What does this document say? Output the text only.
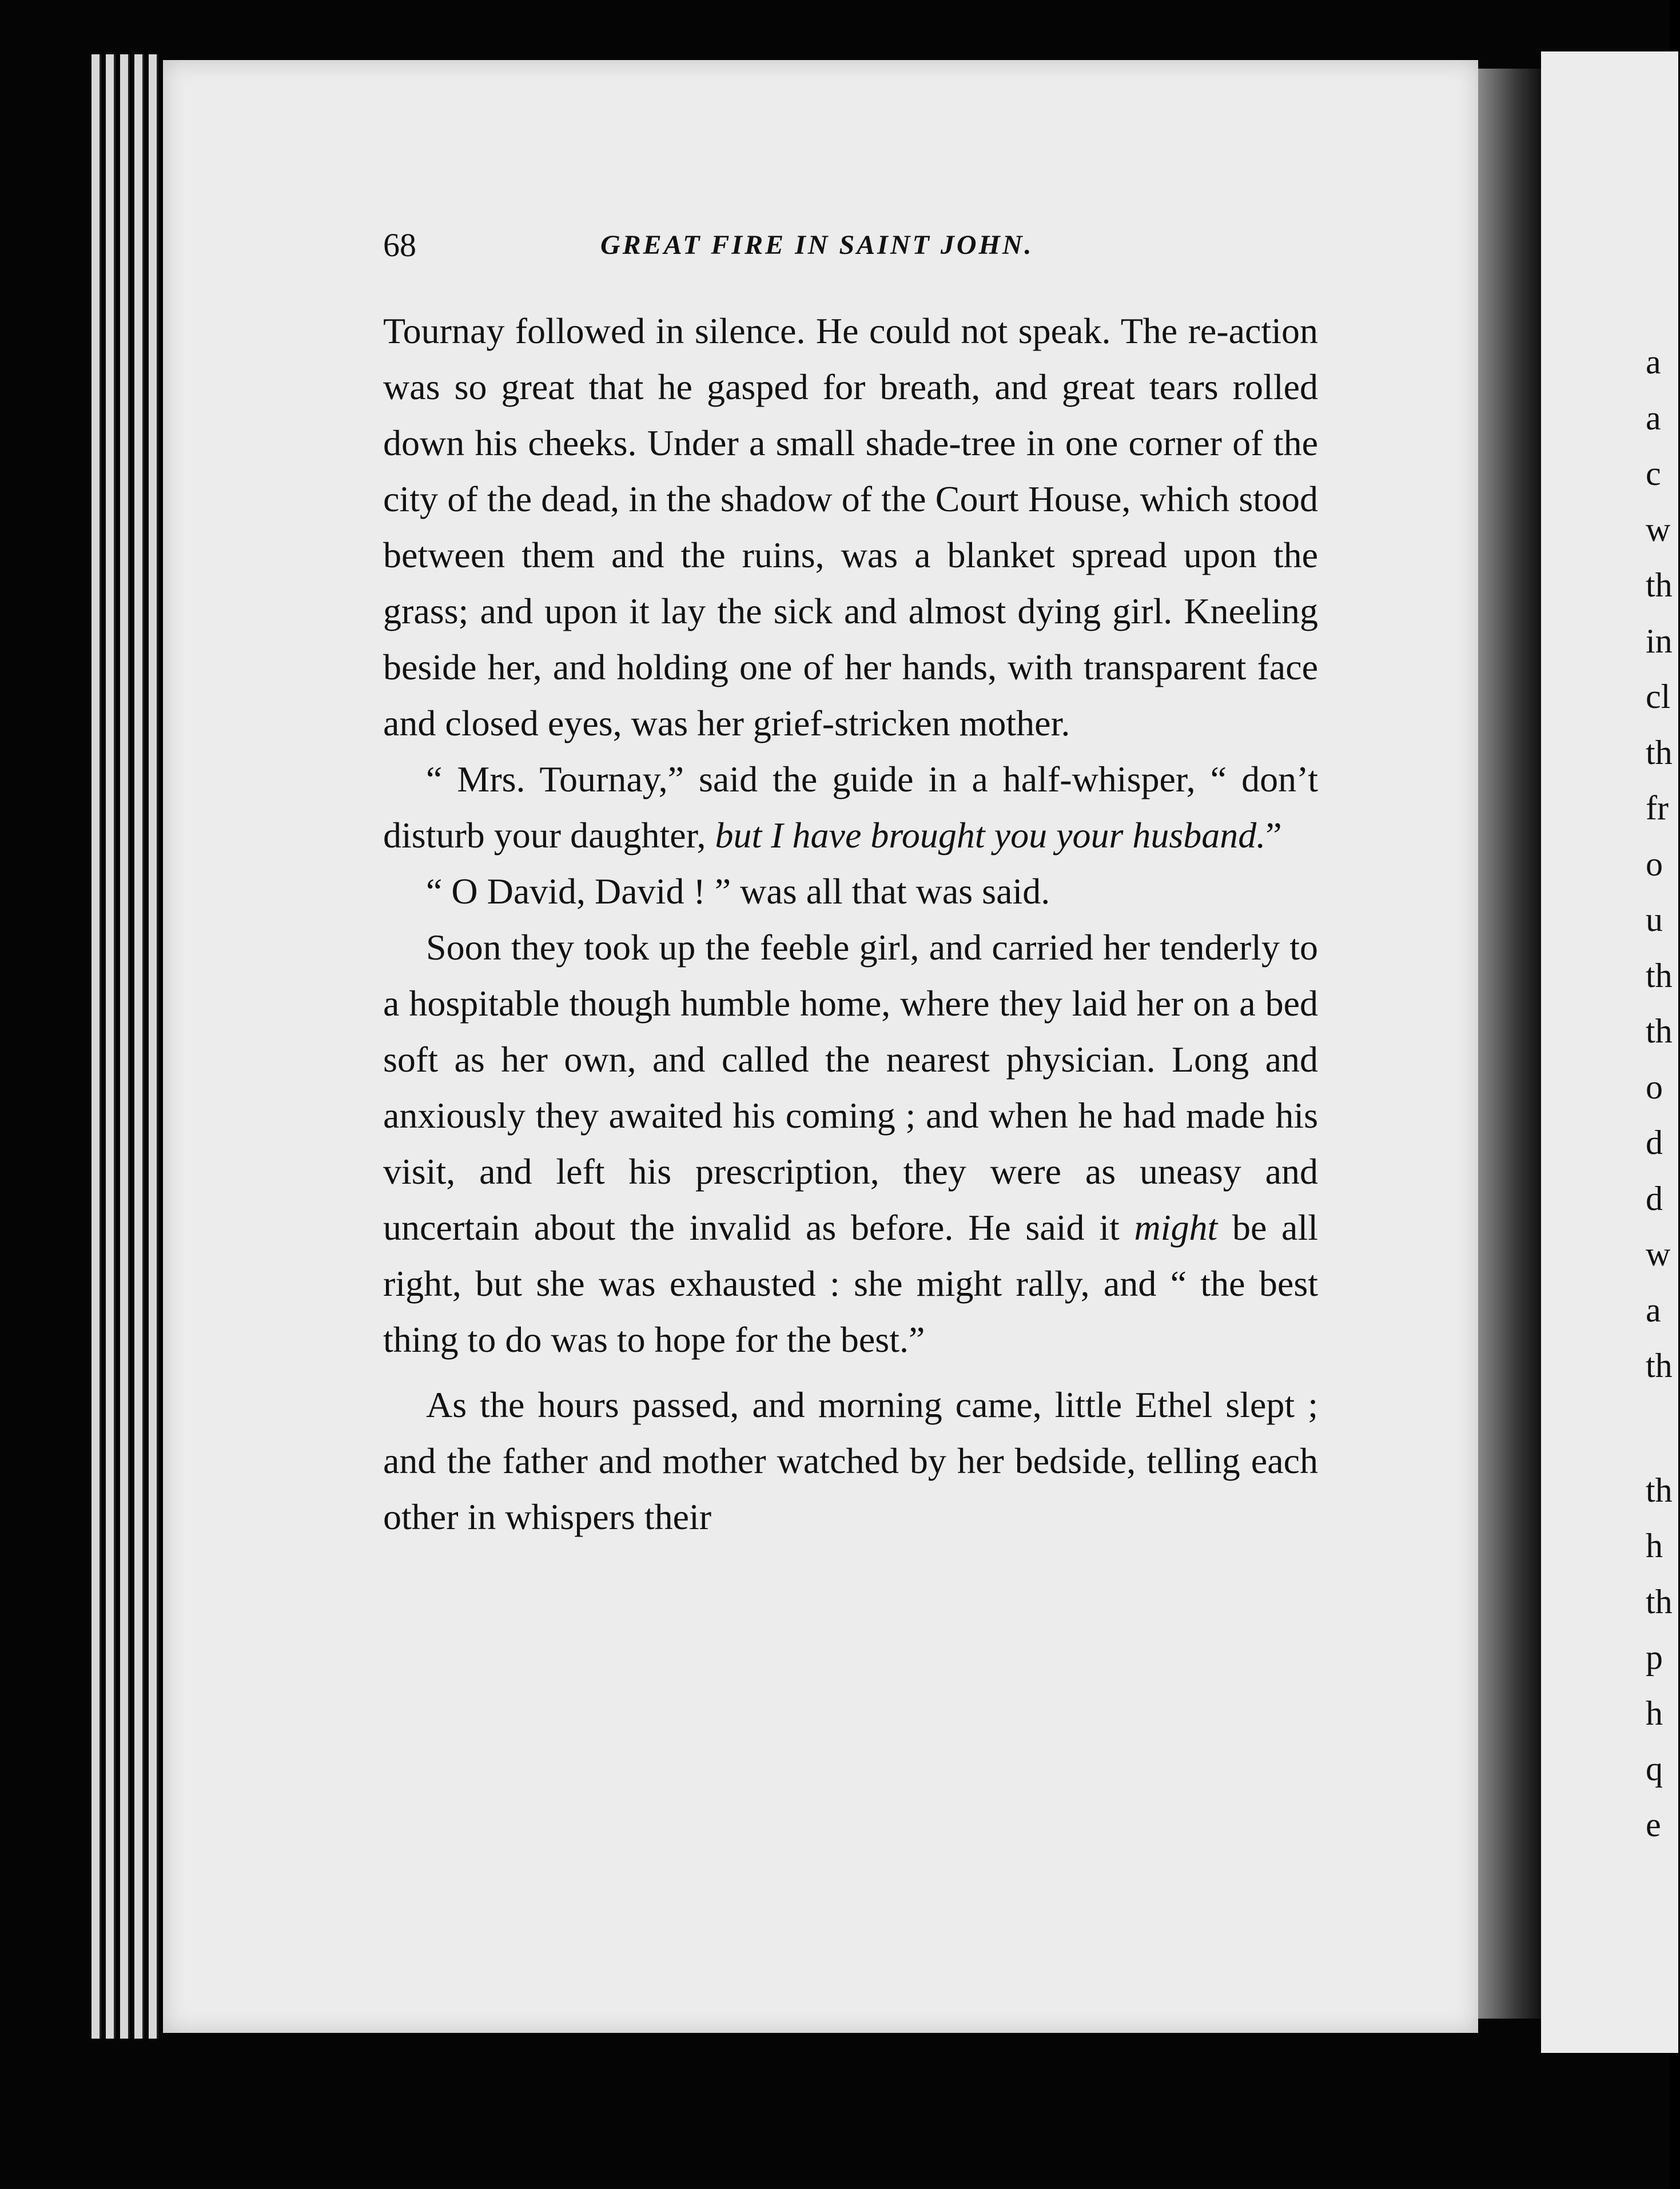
68	GREAT FIRE IN SAINT JOHN.

Tournay followed in silence. He could not speak. The re-action was so great that he gasped for breath, and great tears rolled down his cheeks. Under a small shade-tree in one corner of the city of the dead, in the shadow of the Court House, which stood between them and the ruins, was a blanket spread upon the grass; and upon it lay the sick and almost dying girl. Kneeling beside her, and holding one of her hands, with transparent face and closed eyes, was her grief-stricken mother.

“ Mrs. Tournay,” said the guide in a half-whisper, “ don’t disturb your daughter, but I have brought you your husband.”

“ O David, David ! ” was all that was said.

Soon they took up the feeble girl, and carried her tenderly to a hospitable though humble home, where they laid her on a bed soft as her own, and called the nearest physician. Long and anxiously they awaited his coming ; and when he had made his visit, and left his prescription, they were as uneasy and uncertain about the invalid as before. He said it might be all right, but she was exhausted : she might rally, and “ the best thing to do was to hope for the best.”

As the hours passed, and morning came, little Ethel slept ; and the father and mother watched by her bedside, telling each other in whispers their

a
a
c
w
th
in
cl
th
fr
o
u
th
th
o
d
d
w
a
th
th
h
th
p
h
q
e
